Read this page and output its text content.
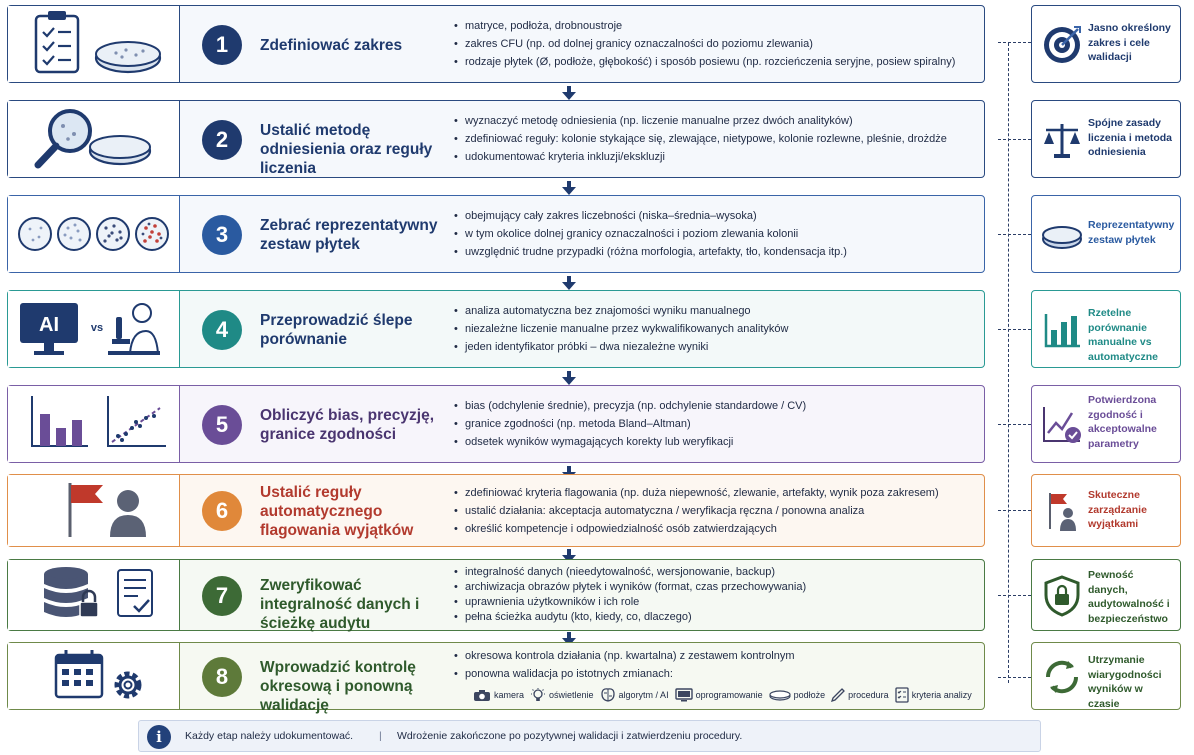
1	Zdefiniować zakres
• matryce, podłoża, drobnoustroje
• zakres CFU (np. od dolnej granicy oznaczalności do poziomu zlewania)
• rodzaje płytek (Ø, podłoże, głębokość) i sposób posiewu (np. rozcieńczenia seryjne, posiew spiralny)
2	Ustalić metodę odniesienia oraz reguły liczenia
• wyznaczyć metodę odniesienia (np. liczenie manualne przez dwóch analityków)
• zdefiniować reguły: kolonie stykające się, zlewające, nietypowe, kolonie rozlewne, pleśnie, drożdże
• udokumentować kryteria inkluzji/ekskluzji
3	Zebrać reprezentatywny zestaw płytek
• obejmujący cały zakres liczebności (niska–średnia–wysoka)
• w tym okolice dolnej granicy oznaczalności i poziom zlewania kolonii
• uwzględnić trudne przypadki (różna morfologia, artefakty, tło, kondensacja itp.)
AI	vs	4	Przeprowadzić ślepe porównanie
• analiza automatyczna bez znajomości wyniku manualnego
• niezależne liczenie manualne przez wykwalifikowanych analityków
• jeden identyfikator próbki – dwa niezależne wyniki
5	Obliczyć bias, precyzję, granice zgodności
• bias (odchylenie średnie), precyzja (np. odchylenie standardowe / CV)
• granice zgodności (np. metoda Bland–Altman)
• odsetek wyników wymagających korekty lub weryfikacji
6
Ustalić reguły automatycznego flagowania wyjątków
• zdefiniować kryteria flagowania (np. duża niepewność, zlewanie, artefakty, wynik poza zakresem)
• ustalić działania: akceptacja automatyczna / weryfikacja ręczna / ponowna analiza
• określić kompetencje i odpowiedzialność osób zatwierdzających
7	Zweryfikować integralność danych i ścieżkę audytu
• integralność danych (nieedytowalność, wersjonowanie, backup)
• archiwizacja obrazów płytek i wyników (format, czas przechowywania)
• uprawnienia użytkowników i ich role
• pełna ścieżka audytu (kto, kiedy, co, dlaczego)
8	Wprowadzić kontrolę okresową i ponowną walidację
• okresowa kontrola działania (np. kwartalna) z zestawem kontrolnym
• ponowna walidacja po istotnych zmianach:
kamera	oświetlenie	algorytm / AI	oprogramowanie	podłoże	procedura	kryteria analizy
Jasno określony zakres i cele walidacji
Spójne zasady liczenia i metoda odniesienia
Reprezentatywny zestaw płytek
Rzetelne porównanie manualne vs automatyczne
Potwierdzona zgodność i akceptowalne parametry
Skuteczne zarządzanie wyjątkami
Pewność danych, audytowalność i bezpieczeństwo
Utrzymanie wiarygodności wyników w czasie
i	Każdy etap należy udokumentować. | Wdrożenie zakończone po pozytywnej walidacji i zatwierdzeniu procedury.
